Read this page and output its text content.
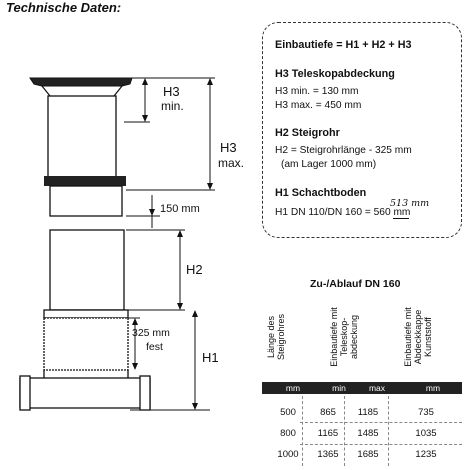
Technische Daten:
H3
min.
H3
max.
150 mm
H2
325 mm
fest
H1
Einbautiefe = H1 + H2 + H3
H3 Teleskopabdeckung
H3 min. = 130 mm
H3 max. = 450 mm
H2 Steigrohr
H2 = Steigrohrlänge - 325 mm
(am Lager 1000 mm)
H1 Schachtboden
513 mm
H1 DN 110/DN 160 = 560 mm
Zu-/Ablauf DN 160
Länge des Steigrohres	Einbautiefe mit Teleskop-abdeckung	Einbautiefe mit Abdeckkappe Kunststoff
mm	min	max	mm
500	865	1185	735
800	1165	1485	1035
1000	1365	1685	1235
